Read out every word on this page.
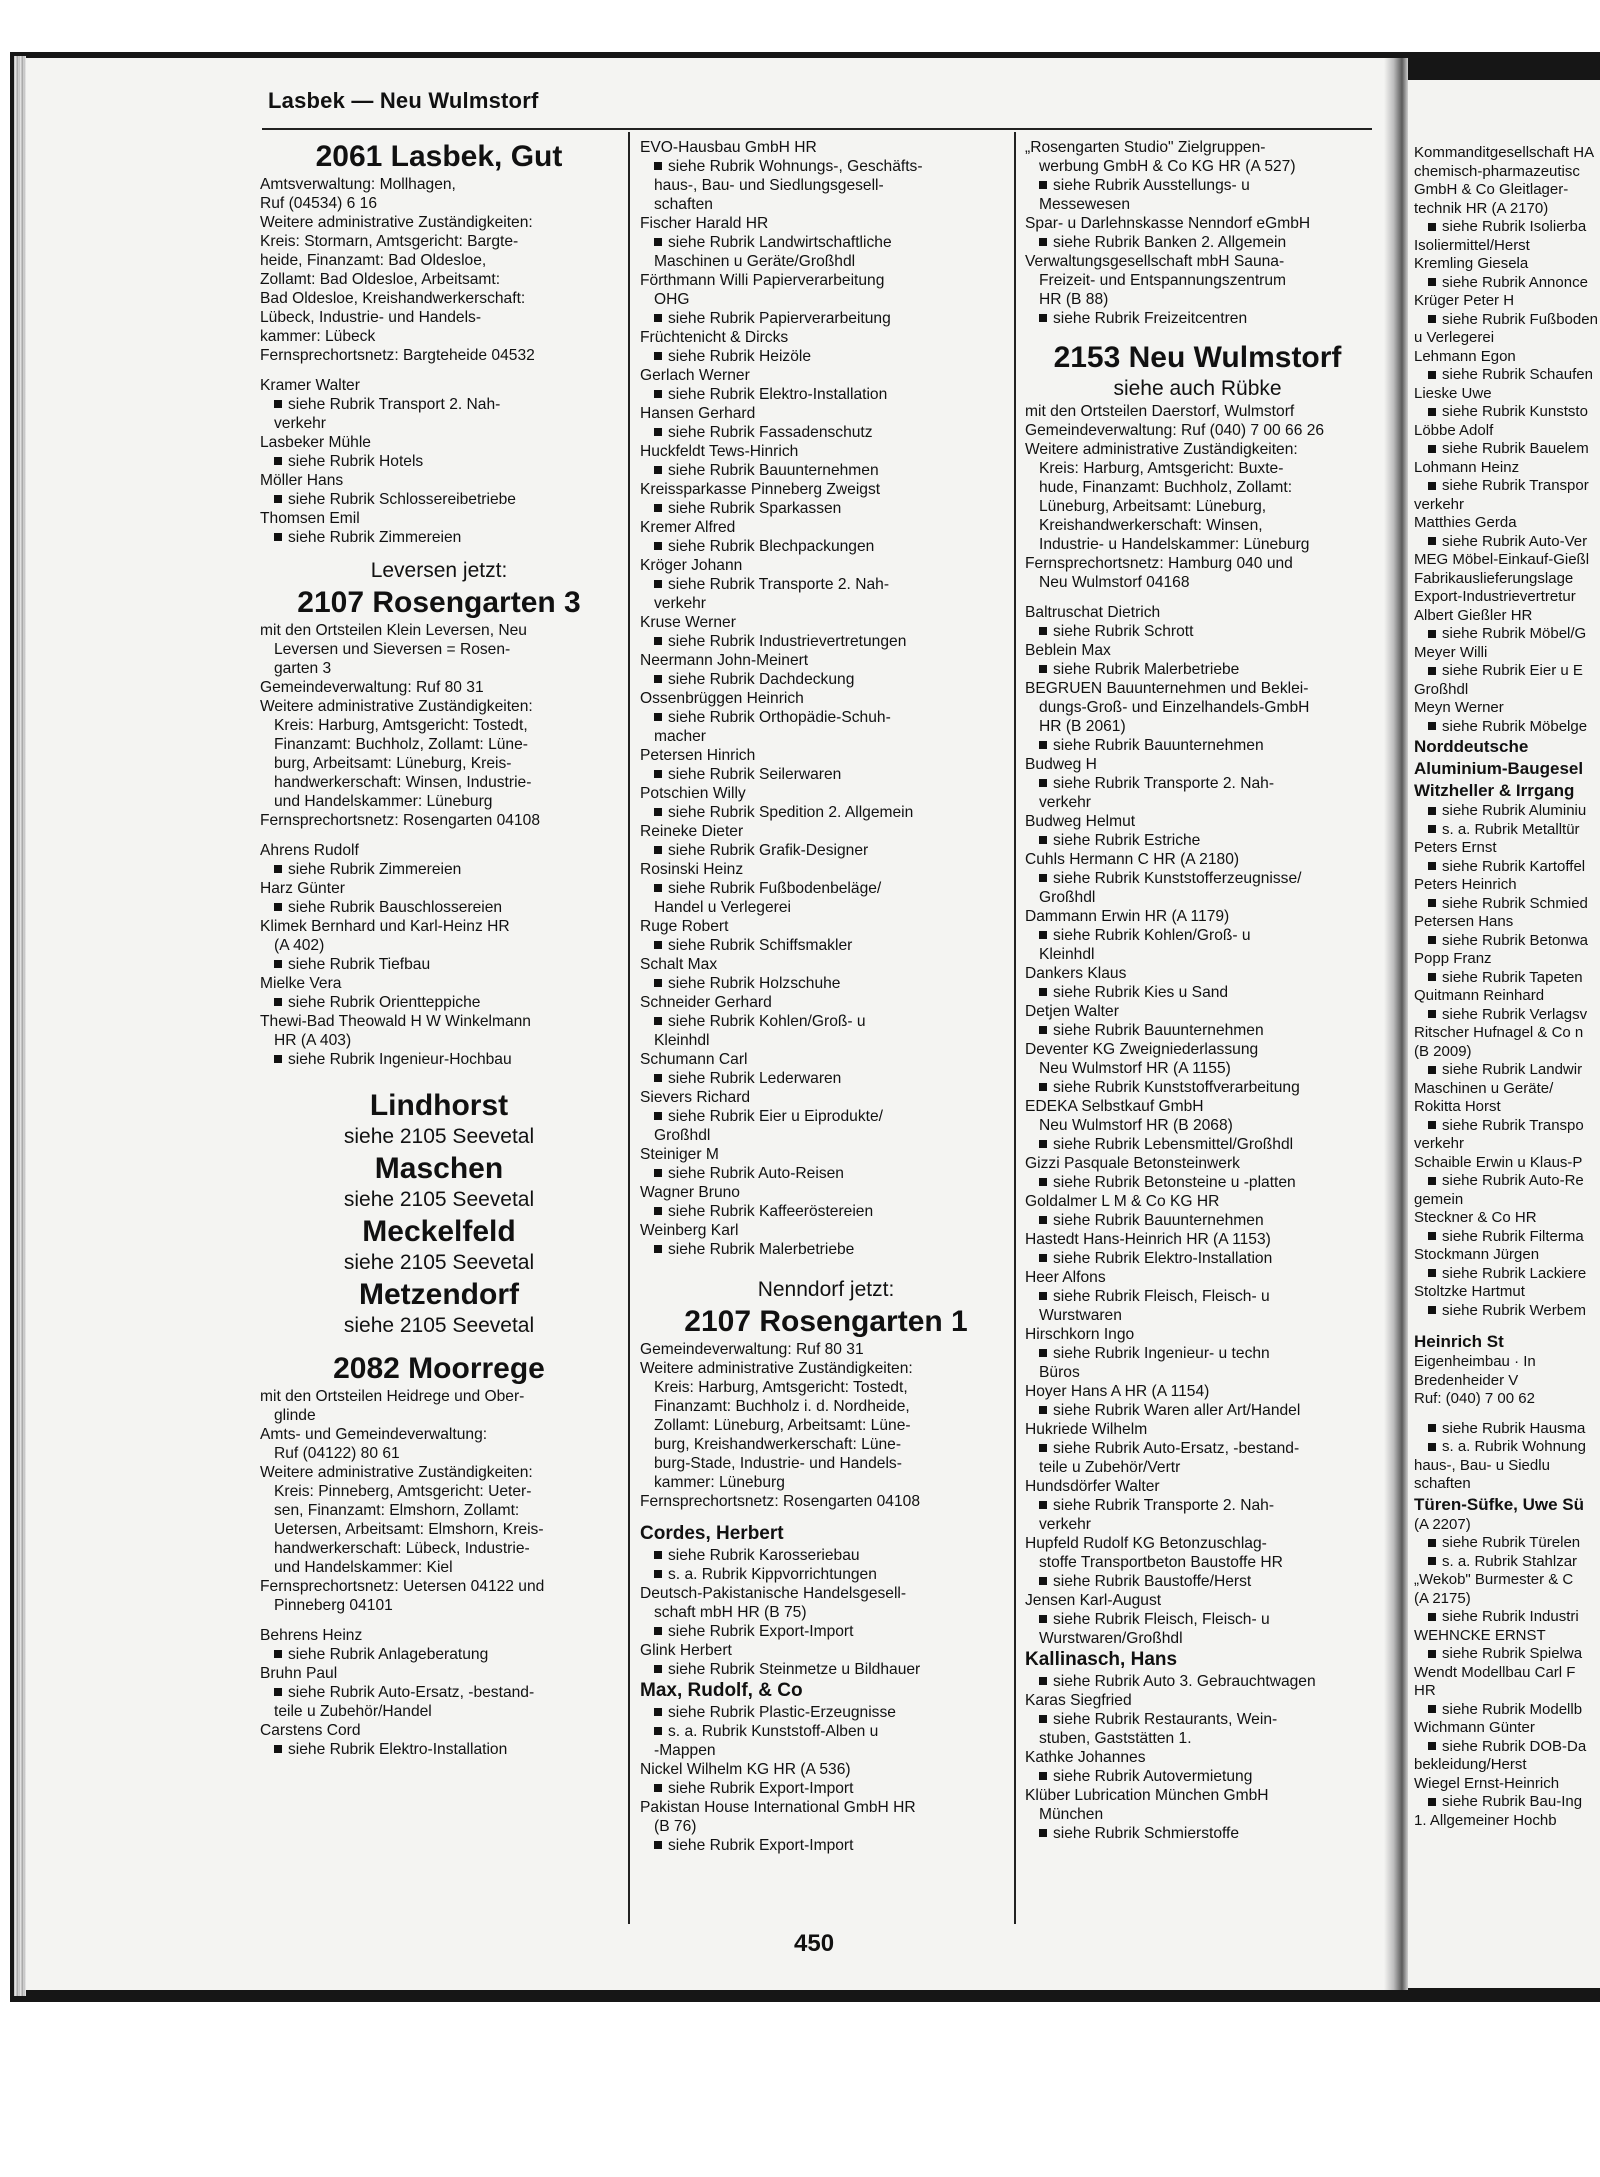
Kommanditgesellschaft HA
chemisch-pharmazeutisc
GmbH & Co Gleitlager-
technik HR (A 2170)
siehe Rubrik Isolierba
Isoliermittel/Herst
Kremling Giesela
siehe Rubrik Annonce
Krüger Peter H
siehe Rubrik Fußboden
u Verlegerei
Lehmann Egon
siehe Rubrik Schaufen
Lieske Uwe
siehe Rubrik Kunststo
Löbbe Adolf
siehe Rubrik Bauelem
Lohmann Heinz
siehe Rubrik Transpor
verkehr
Matthies Gerda
siehe Rubrik Auto-Ver
MEG Möbel-Einkauf-Gießl
Fabrikauslieferungslage
Export-Industrievertretur
Albert Gießler HR
siehe Rubrik Möbel/G
Meyer Willi
siehe Rubrik Eier u E
Großhdl
Meyn Werner
siehe Rubrik Möbelge
Norddeutsche
Aluminium-Baugesel
Witzheller & Irrgang
siehe Rubrik Aluminiu
s. a. Rubrik Metalltür
Peters Ernst
siehe Rubrik Kartoffel
Peters Heinrich
siehe Rubrik Schmied
Petersen Hans
siehe Rubrik Betonwa
Popp Franz
siehe Rubrik Tapeten
Quitmann Reinhard
siehe Rubrik Verlagsv
Ritscher Hufnagel & Co n
(B 2009)
siehe Rubrik Landwir
Maschinen u Geräte/
Rokitta Horst
siehe Rubrik Transpo
verkehr
Schaible Erwin u Klaus-P
siehe Rubrik Auto-Re
gemein
Steckner & Co HR
siehe Rubrik Filterma
Stockmann Jürgen
siehe Rubrik Lackiere
Stoltzke Hartmut
siehe Rubrik Werbem
Heinrich St
Eigenheimbau · In
Bredenheider V
Ruf: (040) 7 00 62
siehe Rubrik Hausma
s. a. Rubrik Wohnung
haus-, Bau- u Siedlu
schaften
Türen-Süfke, Uwe Sü
(A 2207)
siehe Rubrik Türelen
s. a. Rubrik Stahlzar
„Wekob" Burmester & C
(A 2175)
siehe Rubrik Industri
WEHNCKE ERNST
siehe Rubrik Spielwa
Wendt Modellbau Carl F
HR
siehe Rubrik Modellb
Wichmann Günter
siehe Rubrik DOB-Da
bekleidung/Herst
Wiegel Ernst-Heinrich
siehe Rubrik Bau-Ing
1. Allgemeiner Hochb
Lasbek — Neu Wulmstorf
2061 Lasbek, Gut
Amtsverwaltung: Mollhagen,
Ruf (04534) 6 16
Weitere administrative Zuständigkeiten:
Kreis: Stormarn, Amtsgericht: Bargte-
heide, Finanzamt: Bad Oldesloe,
Zollamt: Bad Oldesloe, Arbeitsamt:
Bad Oldesloe, Kreishandwerkerschaft:
Lübeck, Industrie- und Handels-
kammer: Lübeck
Fernsprechortsnetz: Bargteheide 04532
Kramer Walter
siehe Rubrik Transport 2. Nah-
verkehr
Lasbeker Mühle
siehe Rubrik Hotels
Möller Hans
siehe Rubrik Schlossereibetriebe
Thomsen Emil
siehe Rubrik Zimmereien
Leversen jetzt:
2107 Rosengarten 3
mit den Ortsteilen Klein Leversen, Neu
Leversen und Sieversen = Rosen-
garten 3
Gemeindeverwaltung: Ruf 80 31
Weitere administrative Zuständigkeiten:
Kreis: Harburg, Amtsgericht: Tostedt,
Finanzamt: Buchholz, Zollamt: Lüne-
burg, Arbeitsamt: Lüneburg, Kreis-
handwerkerschaft: Winsen, Industrie-
und Handelskammer: Lüneburg
Fernsprechortsnetz: Rosengarten 04108
Ahrens Rudolf
siehe Rubrik Zimmereien
Harz Günter
siehe Rubrik Bauschlossereien
Klimek Bernhard und Karl-Heinz HR
(A 402)
siehe Rubrik Tiefbau
Mielke Vera
siehe Rubrik Orientteppiche
Thewi-Bad Theowald H W Winkelmann
HR (A 403)
siehe Rubrik Ingenieur-Hochbau
Lindhorst
siehe 2105 Seevetal
Maschen
siehe 2105 Seevetal
Meckelfeld
siehe 2105 Seevetal
Metzendorf
siehe 2105 Seevetal
2082 Moorrege
mit den Ortsteilen Heidrege und Ober-
glinde
Amts- und Gemeindeverwaltung:
Ruf (04122) 80 61
Weitere administrative Zuständigkeiten:
Kreis: Pinneberg, Amtsgericht: Ueter-
sen, Finanzamt: Elmshorn, Zollamt:
Uetersen, Arbeitsamt: Elmshorn, Kreis-
handwerkerschaft: Lübeck, Industrie-
und Handelskammer: Kiel
Fernsprechortsnetz: Uetersen 04122 und
Pinneberg 04101
Behrens Heinz
siehe Rubrik Anlageberatung
Bruhn Paul
siehe Rubrik Auto-Ersatz, -bestand-
teile u Zubehör/Handel
Carstens Cord
siehe Rubrik Elektro-Installation
EVO-Hausbau GmbH HR
siehe Rubrik Wohnungs-, Geschäfts-
haus-, Bau- und Siedlungsgesell-
schaften
Fischer Harald HR
siehe Rubrik Landwirtschaftliche
Maschinen u Geräte/Großhdl
Förthmann Willi Papierverarbeitung
OHG
siehe Rubrik Papierverarbeitung
Früchtenicht & Dircks
siehe Rubrik Heizöle
Gerlach Werner
siehe Rubrik Elektro-Installation
Hansen Gerhard
siehe Rubrik Fassadenschutz
Huckfeldt Tews-Hinrich
siehe Rubrik Bauunternehmen
Kreissparkasse Pinneberg Zweigst
siehe Rubrik Sparkassen
Kremer Alfred
siehe Rubrik Blechpackungen
Kröger Johann
siehe Rubrik Transporte 2. Nah-
verkehr
Kruse Werner
siehe Rubrik Industrievertretungen
Neermann John-Meinert
siehe Rubrik Dachdeckung
Ossenbrüggen Heinrich
siehe Rubrik Orthopädie-Schuh-
macher
Petersen Hinrich
siehe Rubrik Seilerwaren
Potschien Willy
siehe Rubrik Spedition 2. Allgemein
Reineke Dieter
siehe Rubrik Grafik-Designer
Rosinski Heinz
siehe Rubrik Fußbodenbeläge/
Handel u Verlegerei
Ruge Robert
siehe Rubrik Schiffsmakler
Schalt Max
siehe Rubrik Holzschuhe
Schneider Gerhard
siehe Rubrik Kohlen/Groß- u
Kleinhdl
Schumann Carl
siehe Rubrik Lederwaren
Sievers Richard
siehe Rubrik Eier u Eiprodukte/
Großhdl
Steiniger M
siehe Rubrik Auto-Reisen
Wagner Bruno
siehe Rubrik Kaffeeröstereien
Weinberg Karl
siehe Rubrik Malerbetriebe
Nenndorf jetzt:
2107 Rosengarten 1
Gemeindeverwaltung: Ruf 80 31
Weitere administrative Zuständigkeiten:
Kreis: Harburg, Amtsgericht: Tostedt,
Finanzamt: Buchholz i. d. Nordheide,
Zollamt: Lüneburg, Arbeitsamt: Lüne-
burg, Kreishandwerkerschaft: Lüne-
burg-Stade, Industrie- und Handels-
kammer: Lüneburg
Fernsprechortsnetz: Rosengarten 04108
Cordes, Herbert
siehe Rubrik Karosseriebau
s. a. Rubrik Kippvorrichtungen
Deutsch-Pakistanische Handelsgesell-
schaft mbH HR (B 75)
siehe Rubrik Export-Import
Glink Herbert
siehe Rubrik Steinmetze u Bildhauer
Max, Rudolf, & Co
siehe Rubrik Plastic-Erzeugnisse
s. a. Rubrik Kunststoff-Alben u
-Mappen
Nickel Wilhelm KG HR (A 536)
siehe Rubrik Export-Import
Pakistan House International GmbH HR
(B 76)
siehe Rubrik Export-Import
„Rosengarten Studio" Zielgruppen-
werbung GmbH & Co KG HR (A 527)
siehe Rubrik Ausstellungs- u
Messewesen
Spar- u Darlehnskasse Nenndorf eGmbH
siehe Rubrik Banken 2. Allgemein
Verwaltungsgesellschaft mbH Sauna-
Freizeit- und Entspannungszentrum
HR (B 88)
siehe Rubrik Freizeitcentren
2153 Neu Wulmstorf
siehe auch Rübke
mit den Ortsteilen Daerstorf, Wulmstorf
Gemeindeverwaltung: Ruf (040) 7 00 66 26
Weitere administrative Zuständigkeiten:
Kreis: Harburg, Amtsgericht: Buxte-
hude, Finanzamt: Buchholz, Zollamt:
Lüneburg, Arbeitsamt: Lüneburg,
Kreishandwerkerschaft: Winsen,
Industrie- u Handelskammer: Lüneburg
Fernsprechortsnetz: Hamburg 040 und
Neu Wulmstorf 04168
Baltruschat Dietrich
siehe Rubrik Schrott
Beblein Max
siehe Rubrik Malerbetriebe
BEGRUEN Bauunternehmen und Beklei-
dungs-Groß- und Einzelhandels-GmbH
HR (B 2061)
siehe Rubrik Bauunternehmen
Budweg H
siehe Rubrik Transporte 2. Nah-
verkehr
Budweg Helmut
siehe Rubrik Estriche
Cuhls Hermann C HR (A 2180)
siehe Rubrik Kunststofferzeugnisse/
Großhdl
Dammann Erwin HR (A 1179)
siehe Rubrik Kohlen/Groß- u
Kleinhdl
Dankers Klaus
siehe Rubrik Kies u Sand
Detjen Walter
siehe Rubrik Bauunternehmen
Deventer KG Zweigniederlassung
Neu Wulmstorf HR (A 1155)
siehe Rubrik Kunststoffverarbeitung
EDEKA Selbstkauf GmbH
Neu Wulmstorf HR (B 2068)
siehe Rubrik Lebensmittel/Großhdl
Gizzi Pasquale Betonsteinwerk
siehe Rubrik Betonsteine u -platten
Goldalmer L M & Co KG HR
siehe Rubrik Bauunternehmen
Hastedt Hans-Heinrich HR (A 1153)
siehe Rubrik Elektro-Installation
Heer Alfons
siehe Rubrik Fleisch, Fleisch- u
Wurstwaren
Hirschkorn Ingo
siehe Rubrik Ingenieur- u techn
Büros
Hoyer Hans A HR (A 1154)
siehe Rubrik Waren aller Art/Handel
Hukriede Wilhelm
siehe Rubrik Auto-Ersatz, -bestand-
teile u Zubehör/Vertr
Hundsdörfer Walter
siehe Rubrik Transporte 2. Nah-
verkehr
Hupfeld Rudolf KG Betonzuschlag-
stoffe Transportbeton Baustoffe HR
siehe Rubrik Baustoffe/Herst
Jensen Karl-August
siehe Rubrik Fleisch, Fleisch- u
Wurstwaren/Großhdl
Kallinasch, Hans
siehe Rubrik Auto 3. Gebrauchtwagen
Karas Siegfried
siehe Rubrik Restaurants, Wein-
stuben, Gaststätten 1.
Kathke Johannes
siehe Rubrik Autovermietung
Klüber Lubrication München GmbH
München
siehe Rubrik Schmierstoffe
450
